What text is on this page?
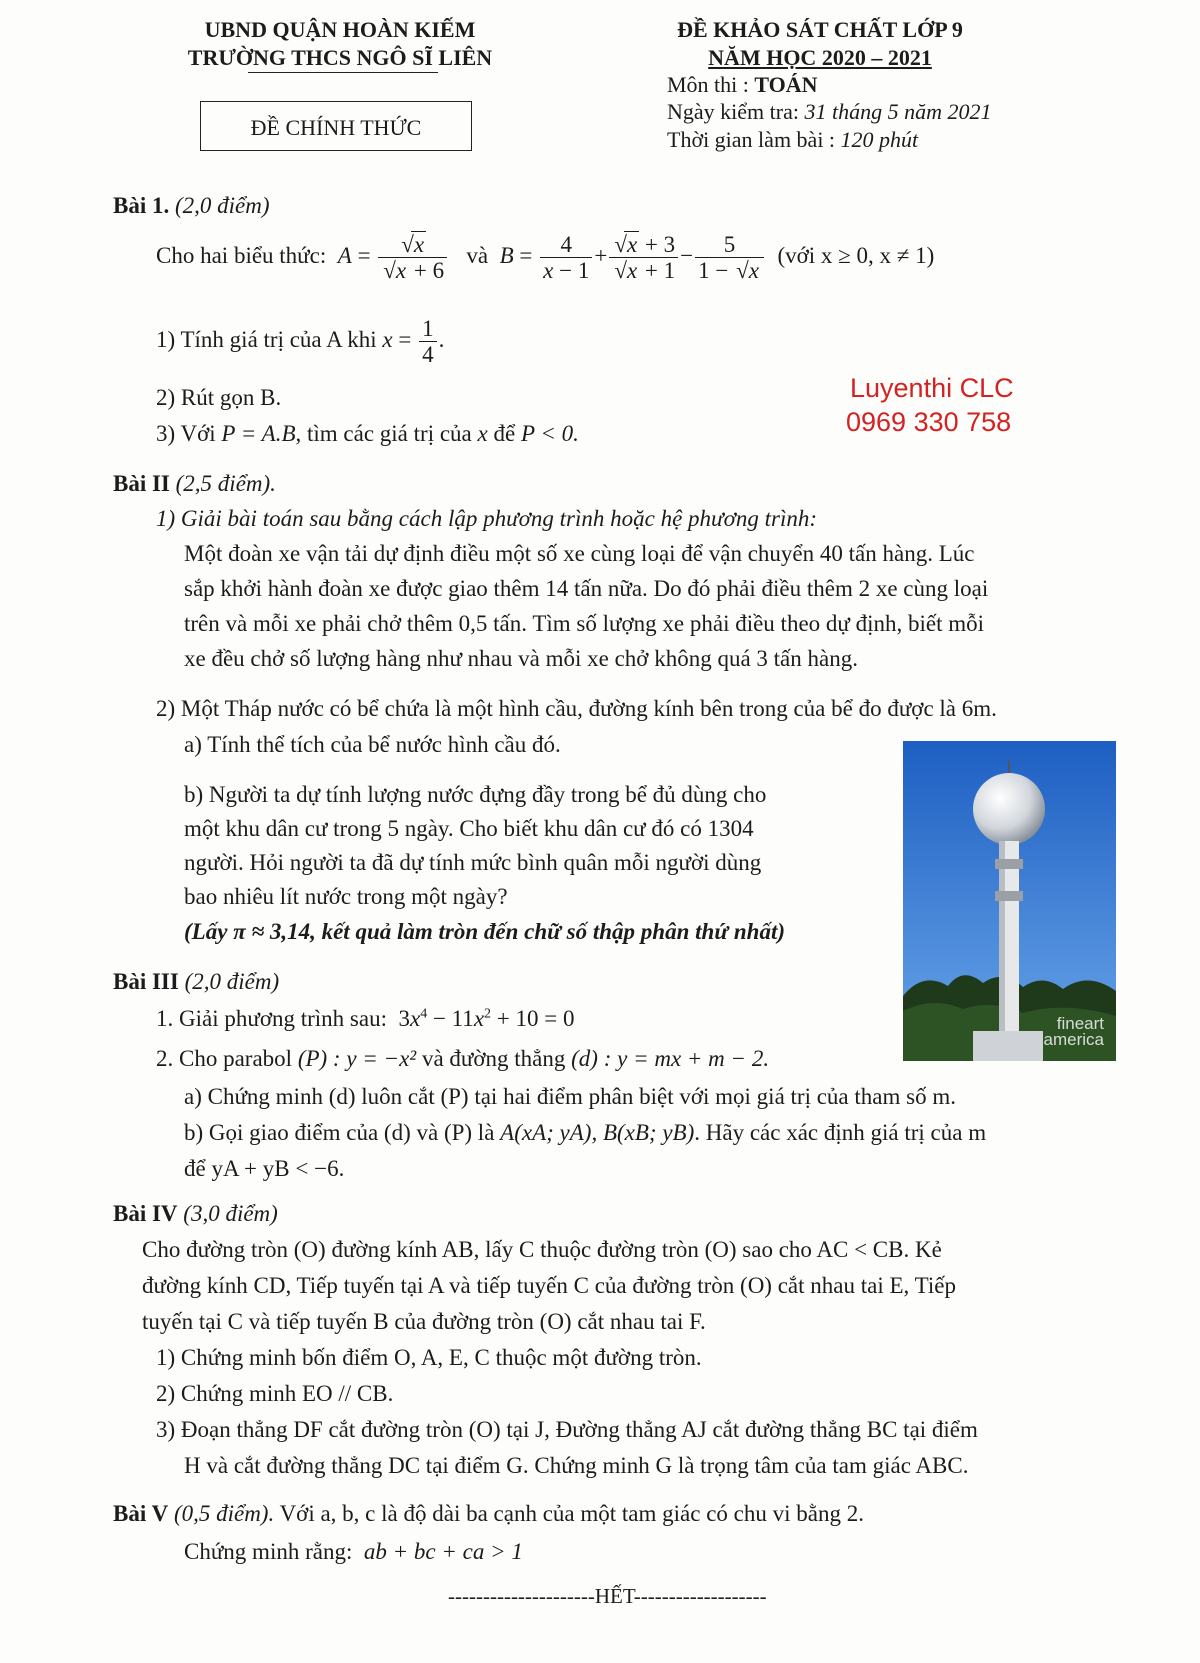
UBND QUẬN HOÀN KIẾM
TRƯỜNG THCS NGÔ SĨ LIÊN
ĐỀ CHÍNH THỨC
ĐỀ KHẢO SÁT CHẤT LỚP 9
NĂM HỌC 2020 – 2021
Môn thi : TOÁN
Ngày kiểm tra: 31 tháng 5 năm 2021
Thời gian làm bài : 120 phút
Bài 1. (2,0 điểm)
Cho hai biểu thức:  A = √ x
√ x + 6 và $B = \frac{4}{x - 1}$ + √ x + 3
√ $x + 1 - \frac{5}{1 - √ x}$ (với x ≥ 0, x ≠ 1)
1) Tính giá trị của A khi $x = \frac{1}{4}$ .
2) Rút gọn B.
3) Với P = A.B, tìm các giá trị của x để P < 0.
Luyenthi CLC
0969 330 758
Bài II (2,5 điểm).
1) Giải bài toán sau bằng cách lập phương trình hoặc hệ phương trình:
Một đoàn xe vận tải dự định điều một số xe cùng loại để vận chuyển 40 tấn hàng. Lúc
sắp khởi hành đoàn xe được giao thêm 14 tấn nữa. Do đó phải điều thêm 2 xe cùng loại
trên và mỗi xe phải chở thêm 0,5 tấn. Tìm số lượng xe phải điều theo dự định, biết mỗi
xe đều chở số lượng hàng như nhau và mỗi xe chở không quá 3 tấn hàng.
2) Một Tháp nước có bể chứa là một hình cầu, đường kính bên trong của bể đo được là 6m.
a) Tính thể tích của bể nước hình cầu đó.
b) Người ta dự tính lượng nước đựng đầy trong bể đủ dùng cho
một khu dân cư trong 5 ngày. Cho biết khu dân cư đó có 1304
người. Hỏi người ta đã dự tính mức bình quân mỗi người dùng
bao nhiêu lít nước trong một ngày?
(Lấy π ≈ 3,14, kết quả làm tròn đến chữ số thập phân thứ nhất)
fineart
america
Bài III (2,0 điểm)
1. Giải phương trình sau:  $3x^4 - 11x^2 + 10 = 0$
2. Cho parabol (P) : y = −x² và đường thẳng (d) : y = mx + m − 2.
a) Chứng minh (d) luôn cắt (P) tại hai điểm phân biệt với mọi giá trị của tham số m.
b) Gọi giao điểm của (d) và (P) là A(xA; yA), B(xB; yB). Hãy các xác định giá trị của m
để yA + yB < −6.
Bài IV (3,0 điểm)
Cho đường tròn (O) đường kính AB, lấy C thuộc đường tròn (O) sao cho AC < CB. Kẻ
đường kính CD, Tiếp tuyến tại A và tiếp tuyến C của đường tròn (O) cắt nhau tai E, Tiếp
tuyến tại C và tiếp tuyến B của đường tròn (O) cắt nhau tai F.
1) Chứng minh bốn điểm O, A, E, C thuộc một đường tròn.
2) Chứng minh EO // CB.
3) Đoạn thẳng DF cắt đường tròn (O) tại J, Đường thẳng AJ cắt đường thẳng BC tại điểm
H và cắt đường thẳng DC tại điểm G. Chứng minh G là trọng tâm của tam giác ABC.
Bài V (0,5 điểm). Với a, b, c là độ dài ba cạnh của một tam giác có chu vi bằng 2.
Chứng minh rằng: ab + bc + ca > 1
---------------------HẾT-------------------
